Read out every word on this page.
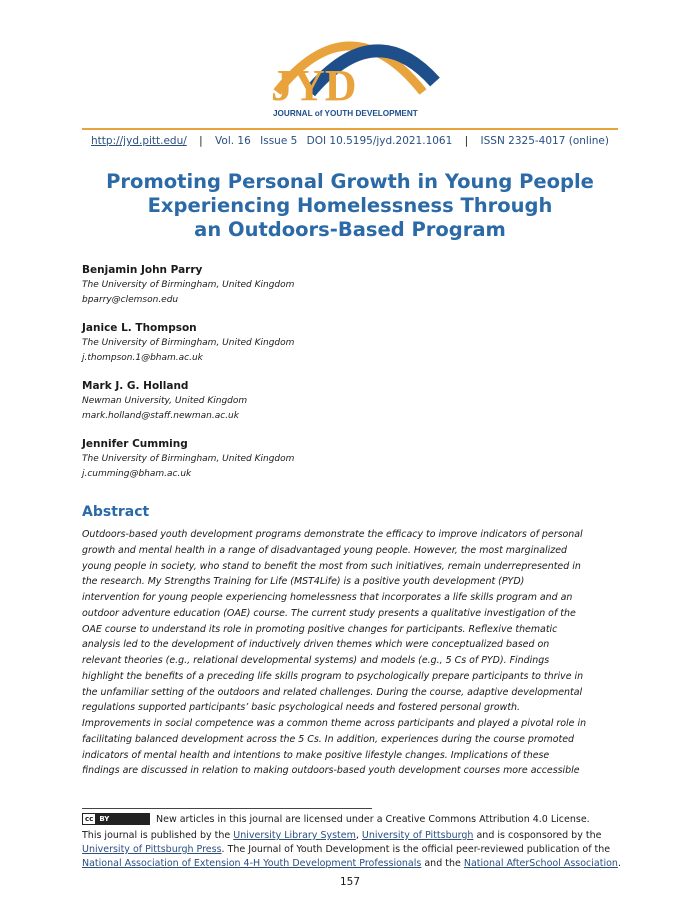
JYD
JOURNAL of YOUTH DEVELOPMENT
http://jyd.pitt.edu/ | Vol. 16 Issue 5 DOI 10.5195/jyd.2021.1061 | ISSN 2325-4017 (online)
Promoting Personal Growth in Young People
Experiencing Homelessness Through
an Outdoors-Based Program
Benjamin John Parry
The University of Birmingham, United Kingdom
bparry@clemson.edu
Janice L. Thompson
The University of Birmingham, United Kingdom
j.thompson.1@bham.ac.uk
Mark J. G. Holland
Newman University, United Kingdom
mark.holland@staff.newman.ac.uk
Jennifer Cumming
The University of Birmingham, United Kingdom
j.cumming@bham.ac.uk
Abstract
Outdoors-based youth development programs demonstrate the efficacy to improve indicators of personal
growth and mental health in a range of disadvantaged young people. However, the most marginalized
young people in society, who stand to benefit the most from such initiatives, remain underrepresented in
the research. My Strengths Training for Life (MST4Life) is a positive youth development (PYD)
intervention for young people experiencing homelessness that incorporates a life skills program and an
outdoor adventure education (OAE) course. The current study presents a qualitative investigation of the
OAE course to understand its role in promoting positive changes for participants. Reflexive thematic
analysis led to the development of inductively driven themes which were conceptualized based on
relevant theories (e.g., relational developmental systems) and models (e.g., 5 Cs of PYD). Findings
highlight the benefits of a preceding life skills program to psychologically prepare participants to thrive in
the unfamiliar setting of the outdoors and related challenges. During the course, adaptive developmental
regulations supported participants’ basic psychological needs and fostered personal growth.
Improvements in social competence was a common theme across participants and played a pivotal role in
facilitating balanced development across the 5 Cs. In addition, experiences during the course promoted
indicators of mental health and intentions to make positive lifestyle changes. Implications of these
findings are discussed in relation to making outdoors-based youth development courses more accessible
cc BY	New articles in this journal are licensed under a Creative Commons Attribution 4.0 License.
This journal is published by the University Library System, University of Pittsburgh and is cosponsored by the
University of Pittsburgh Press. The Journal of Youth Development is the official peer-reviewed publication of the
National Association of Extension 4-H Youth Development Professionals and the National AfterSchool Association.
157
